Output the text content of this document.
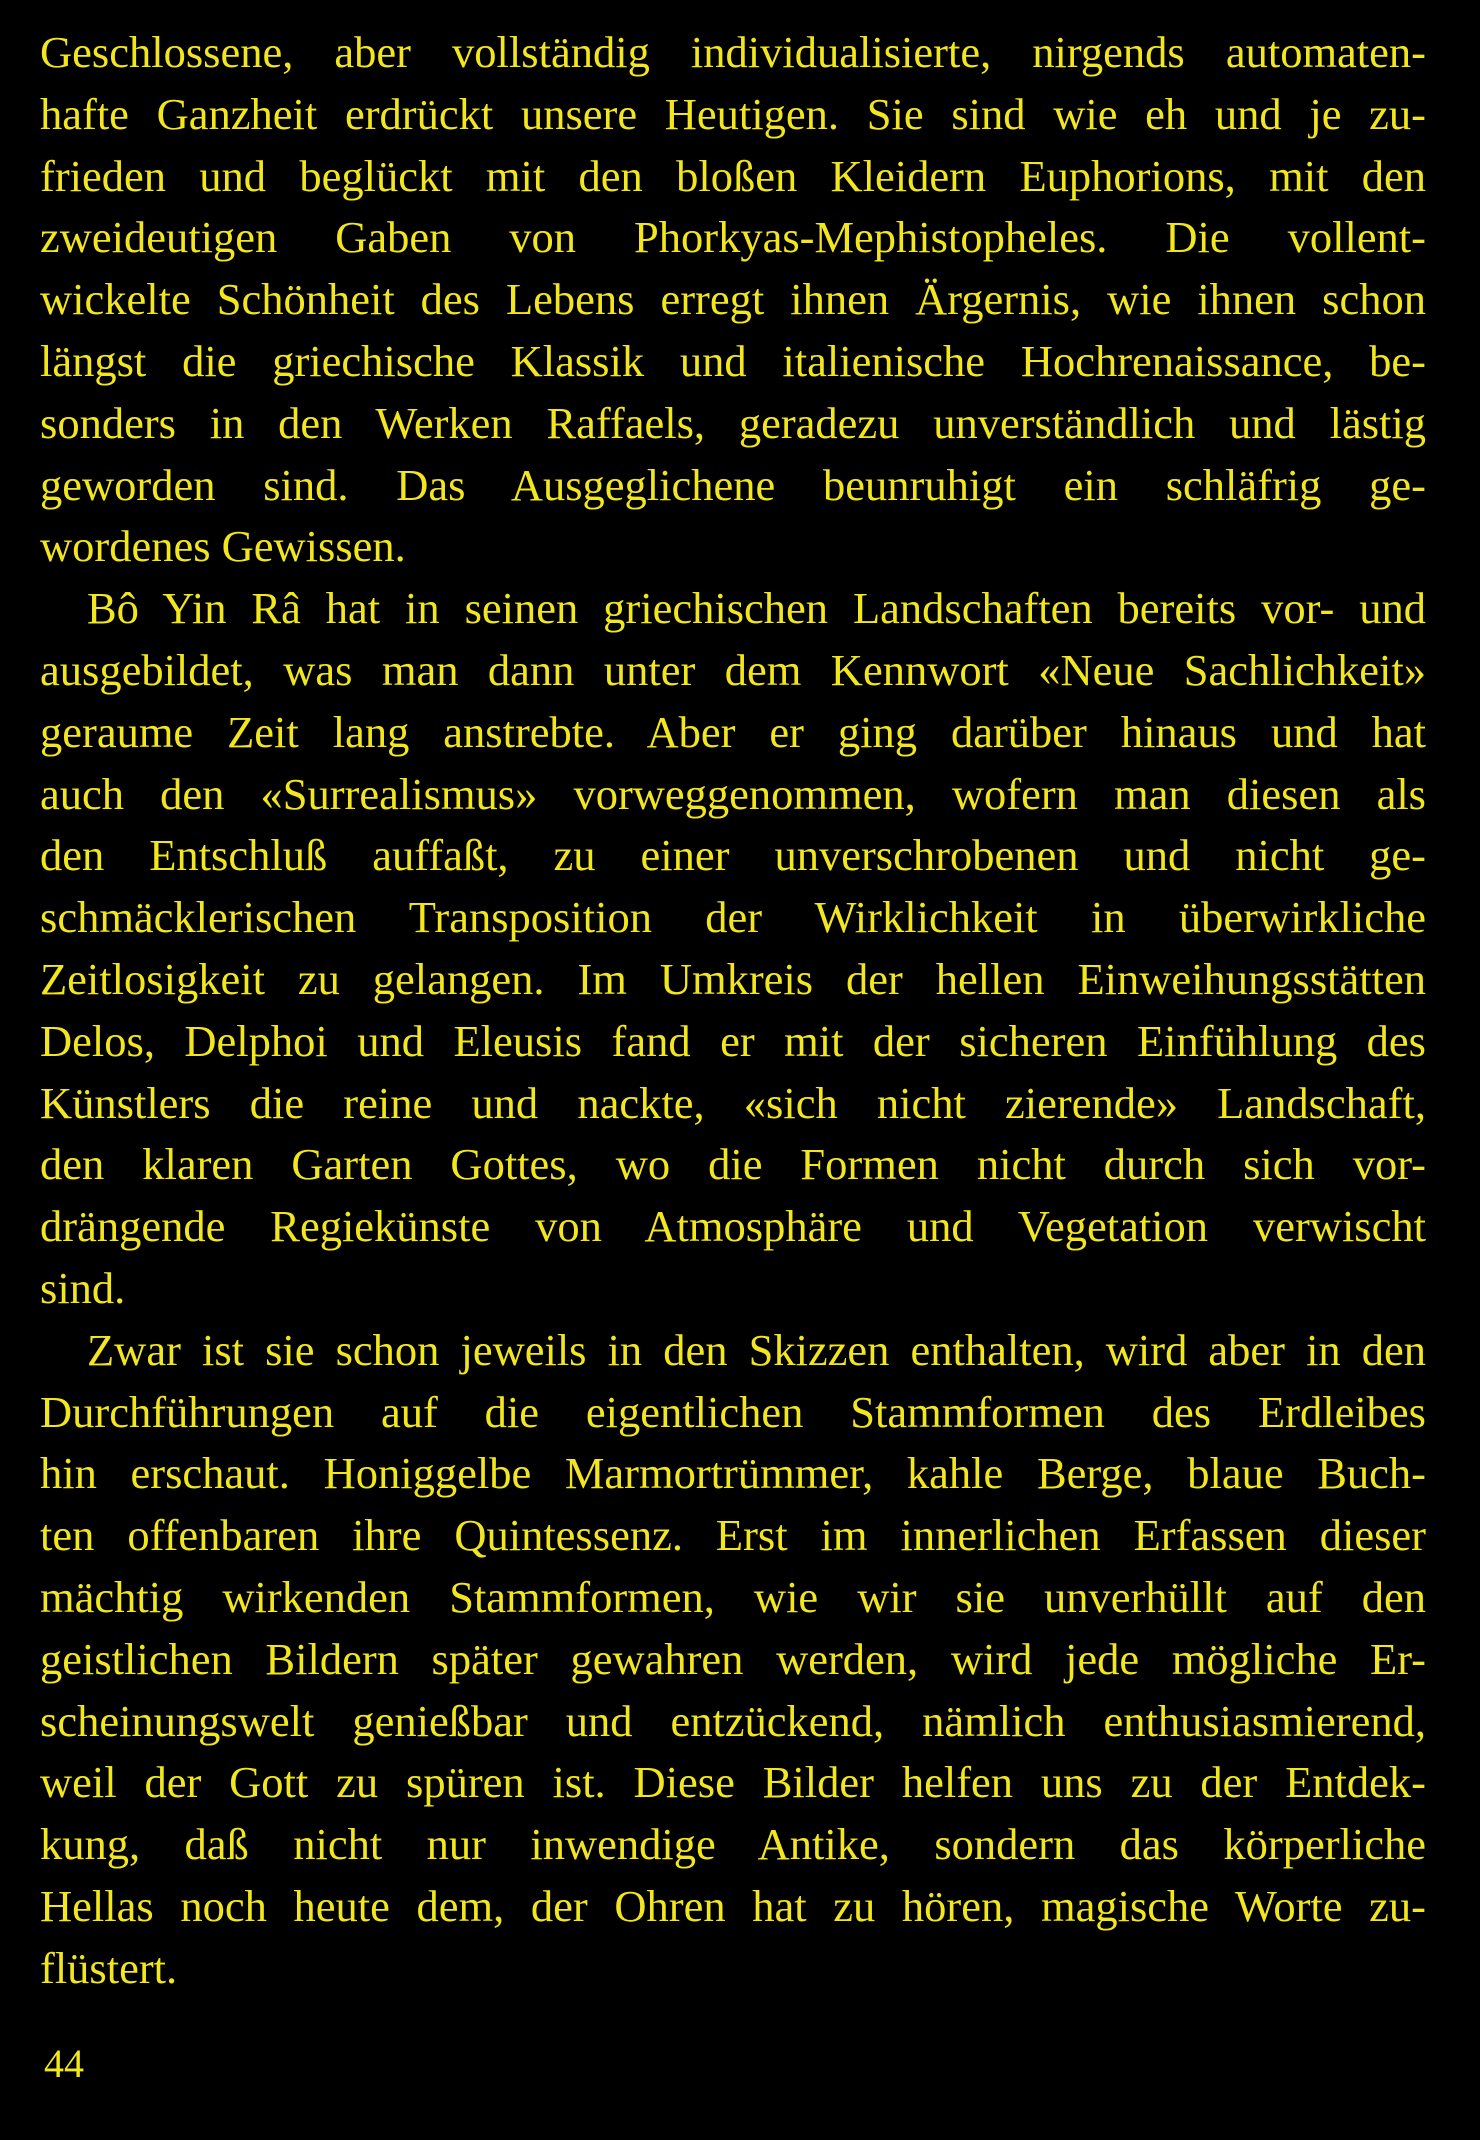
Geschlossene, aber vollständig individualisierte, nirgends automaten-
hafte Ganzheit erdrückt unsere Heutigen. Sie sind wie eh und je zu-
frieden und beglückt mit den bloßen Kleidern Euphorions, mit den
zweideutigen Gaben von Phorkyas-Mephistopheles. Die vollent-
wickelte Schönheit des Lebens erregt ihnen Ärgernis, wie ihnen schon
längst die griechische Klassik und italienische Hochrenaissance, be-
sonders in den Werken Raffaels, geradezu unverständlich und lästig
geworden sind. Das Ausgeglichene beunruhigt ein schläfrig ge-
wordenes Gewissen.

Bô Yin Râ hat in seinen griechischen Landschaften bereits vor- und
ausgebildet, was man dann unter dem Kennwort «Neue Sachlichkeit»
geraume Zeit lang anstrebte. Aber er ging darüber hinaus und hat
auch den «Surrealismus» vorweggenommen, wofern man diesen als
den Entschluß auffaßt, zu einer unverschrobenen und nicht ge-
schmäcklerischen Transposition der Wirklichkeit in überwirkliche
Zeitlosigkeit zu gelangen. Im Umkreis der hellen Einweihungsstätten
Delos, Delphoi und Eleusis fand er mit der sicheren Einfühlung des
Künstlers die reine und nackte, «sich nicht zierende» Landschaft,
den klaren Garten Gottes, wo die Formen nicht durch sich vor-
drängende Regiekünste von Atmosphäre und Vegetation verwischt
sind.

Zwar ist sie schon jeweils in den Skizzen enthalten, wird aber in den
Durchführungen auf die eigentlichen Stammformen des Erdleibes
hin erschaut. Honiggelbe Marmortrümmer, kahle Berge, blaue Buch-
ten offenbaren ihre Quintessenz. Erst im innerlichen Erfassen dieser
mächtig wirkenden Stammformen, wie wir sie unverhüllt auf den
geistlichen Bildern später gewahren werden, wird jede mögliche Er-
scheinungswelt genießbar und entzückend, nämlich enthusiasmierend,
weil der Gott zu spüren ist. Diese Bilder helfen uns zu der Entdek-
kung, daß nicht nur inwendige Antike, sondern das körperliche
Hellas noch heute dem, der Ohren hat zu hören, magische Worte zu-
flüstert.

44
